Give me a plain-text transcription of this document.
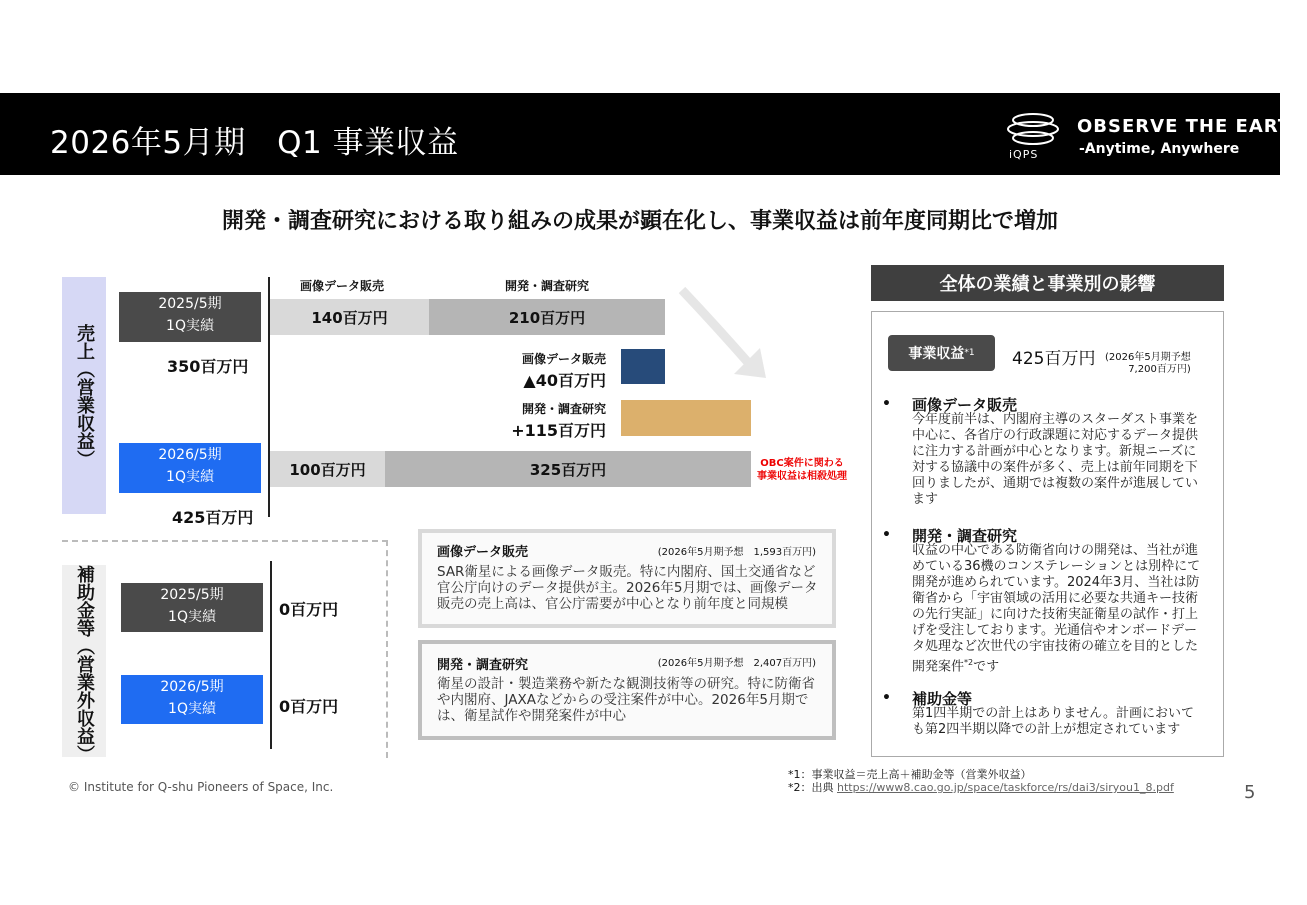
2026年5月期　Q1 事業収益	iQPS
OBSERVE THE EARTH
-Anytime, Anywhere
開発・調査研究における取り組みの成果が顕在化し、事業収益は前年度同期比で増加
売上（営業収益）
画像データ販売	開発・調査研究
2025/5期
1Q実績
350百万円
140百万円	210百万円
画像データ販売
▲40百万円
開発・調査研究
+115百万円
2026/5期
1Q実績	100百万円	325百万円
425百万円
OBC案件に関わる
事業収益は相殺処理
補助金等（営業外収益）	2025/5期
1Q実績	0百万円
2026/5期
1Q実績	0百万円
画像データ販売	(2026年5月期予想　1,593百万円)
SAR衛星による画像データ販売。特に内閣府、国土交通省など官公庁向けのデータ提供が主。2026年5月期では、画像データ販売の売上高は、官公庁需要が中心となり前年度と同規模
開発・調査研究	(2026年5月期予想　2,407百万円)
衛星の設計・製造業務や新たな観測技術等の研究。特に防衛省や内閣府、JAXAなどからの受注案件が中心。2026年5月期では、衛星試作や開発案件が中心
全体の業績と事業別の影響
事業収益 *1 425百万円 (2026年5月期予想
7,200百万円)
• 画像データ販売
今年度前半は、内閣府主導のスターダスト事業を中心に、各省庁の行政課題に対応するデータ提供に注力する計画が中心となります。新規ニーズに対する協議中の案件が多く、売上は前年同期を下回りましたが、通期では複数の案件が進展しています
• 開発・調査研究
収益の中心である防衛省向けの開発は、当社が進めている36機のコンステレーションとは別枠にて開発が進められています。2024年3月、当社は防衛省から「宇宙領域の活用に必要な共通キー技術の先行実証」に向けた技術実証衛星の試作・打上げを受注しております。光通信やオンボードデータ処理など次世代の宇宙技術の確立を目的とした開発案件$^{*2}$です
• 補助金等
第1四半期での計上はありません。計画においても第2四半期以降での計上が想定されています
*1：事業収益＝売上高＋補助金等（営業外収益）
*2：出典 https://www8.cao.go.jp/space/taskforce/rs/dai3/siryou1_8.pdf
© Institute for Q-shu Pioneers of Space, Inc.	5
